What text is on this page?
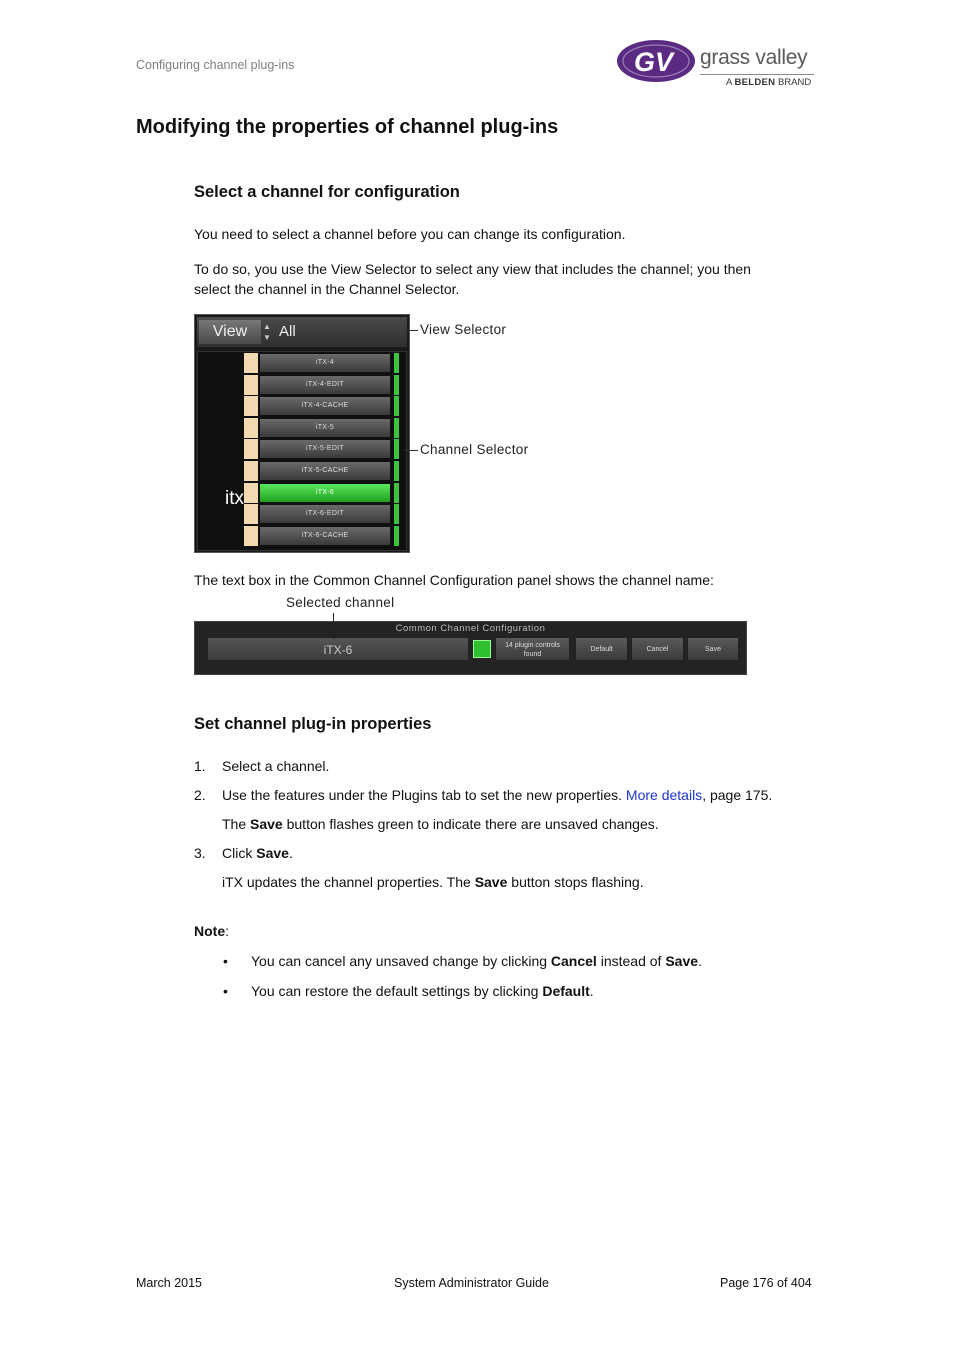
Configuring channel plug-ins	GV grass valley
A BELDEN BRAND
Modifying the properties of channel plug-ins
Select a channel for configuration
You need to select a channel before you can change its configuration.
To do so, you use the View Selector to select any view that includes the channel; you then
select the channel in the Channel Selector.
View	▲
▼ All
itx
iTX-4
iTX-4-EDIT
iTX-4-CACHE
iTX-5
iTX-5-EDIT
iTX-5-CACHE
iTX-6
iTX-6-EDIT
iTX-6-CACHE
View Selector
Channel Selector
The text box in the Common Channel Configuration panel shows the channel name:
Selected channel
Common Channel Configuration
iTX-6	14 plugin controls
found
Default	Cancel	Save
Set channel plug-in properties
1. Select a channel.
2. Use the features under the Plugins tab to set the new properties. More details, page 175.
The Save button flashes green to indicate there are unsaved changes.
3. Click Save.
iTX updates the channel properties. The Save button stops flashing.
Note:
• You can cancel any unsaved change by clicking Cancel instead of Save.
• You can restore the default settings by clicking Default.
March 2015	System Administrator Guide	Page 176 of 404
